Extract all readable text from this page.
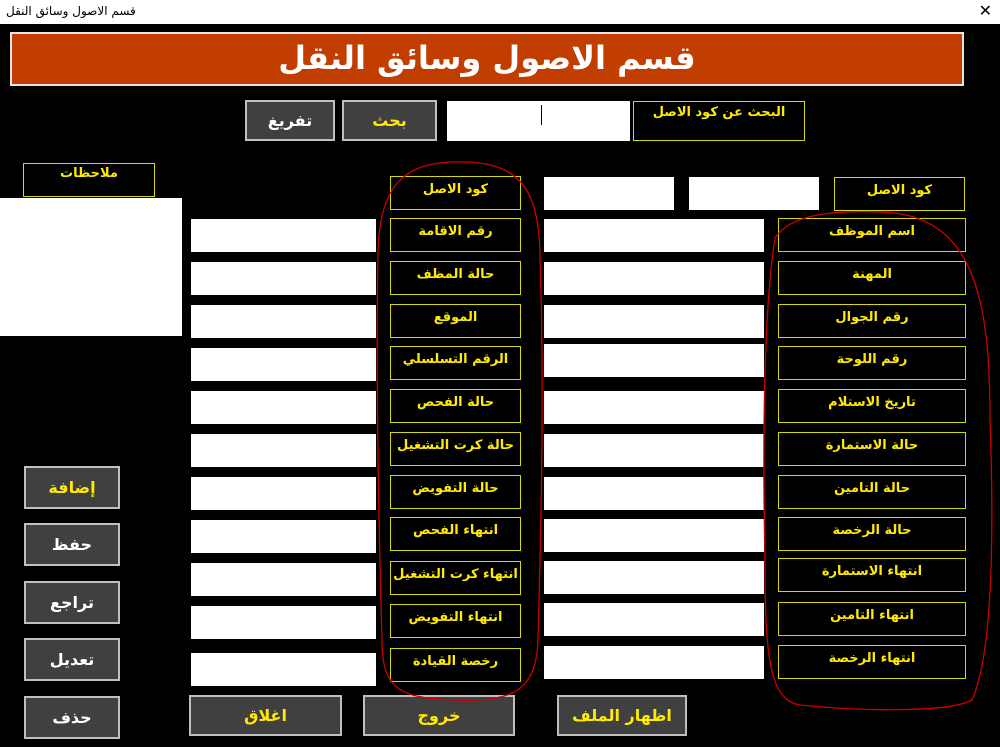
قسم الاصول وسائق النقل	✕
قسم الاصول وسائق النقل
البحث عن كود الاصل
بحث
تفريغ
ملاحظات
كود الاصل
اسم الموظف
المهنة
رقم الجوال
رقم اللوحة
تاريخ الاستلام
حالة الاستمارة
حالة التامين
حالة الرخصة
انتهاء الاستمارة
انتهاء التامين
انتهاء الرخصة
كود الاصل
رقم الاقامة
حالة المظف
الموقع
الرقم التسلسلي
حالة الفحص
حالة كرت التشغيل
حالة التفويض
انتهاء الفحص
انتهاء كرت التشغيل
انتهاء التفويض
رخصة القيادة
إضافة
حفظ
تراجع
تعديل
حذف	اغلاق	خروج	اظهار الملف
